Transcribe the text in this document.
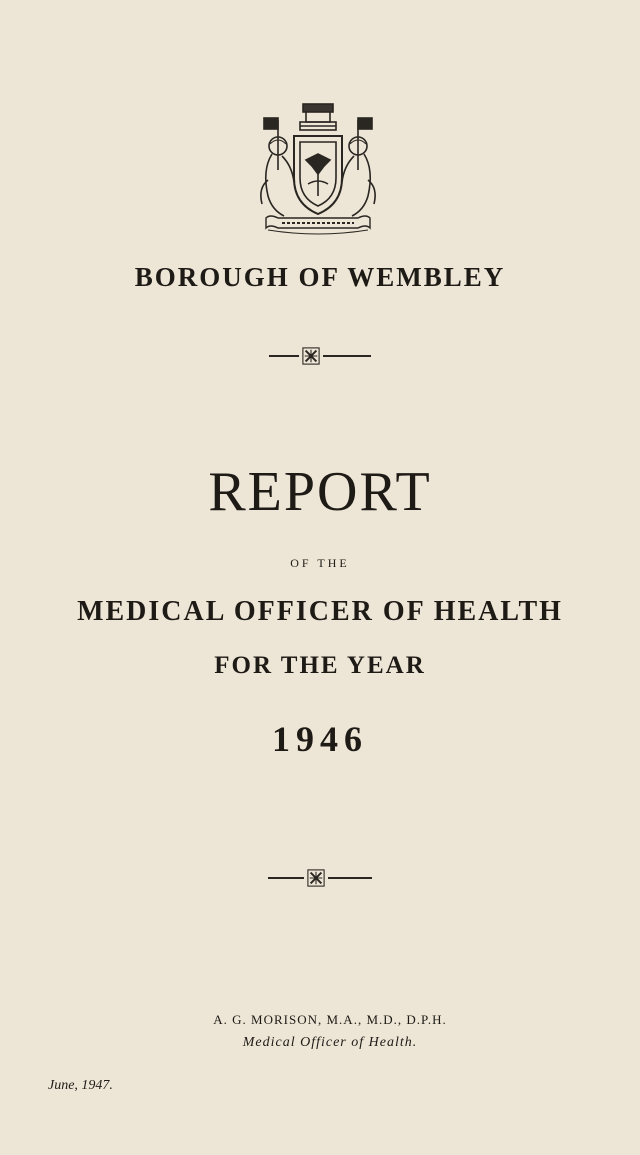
BOROUGH OF WEMBLEY
REPORT
OF THE
MEDICAL OFFICER OF HEALTH
FOR THE YEAR
1946
A. G. MORISON, M.A., M.D., D.P.H.
Medical Officer of Health.
June, 1947.
